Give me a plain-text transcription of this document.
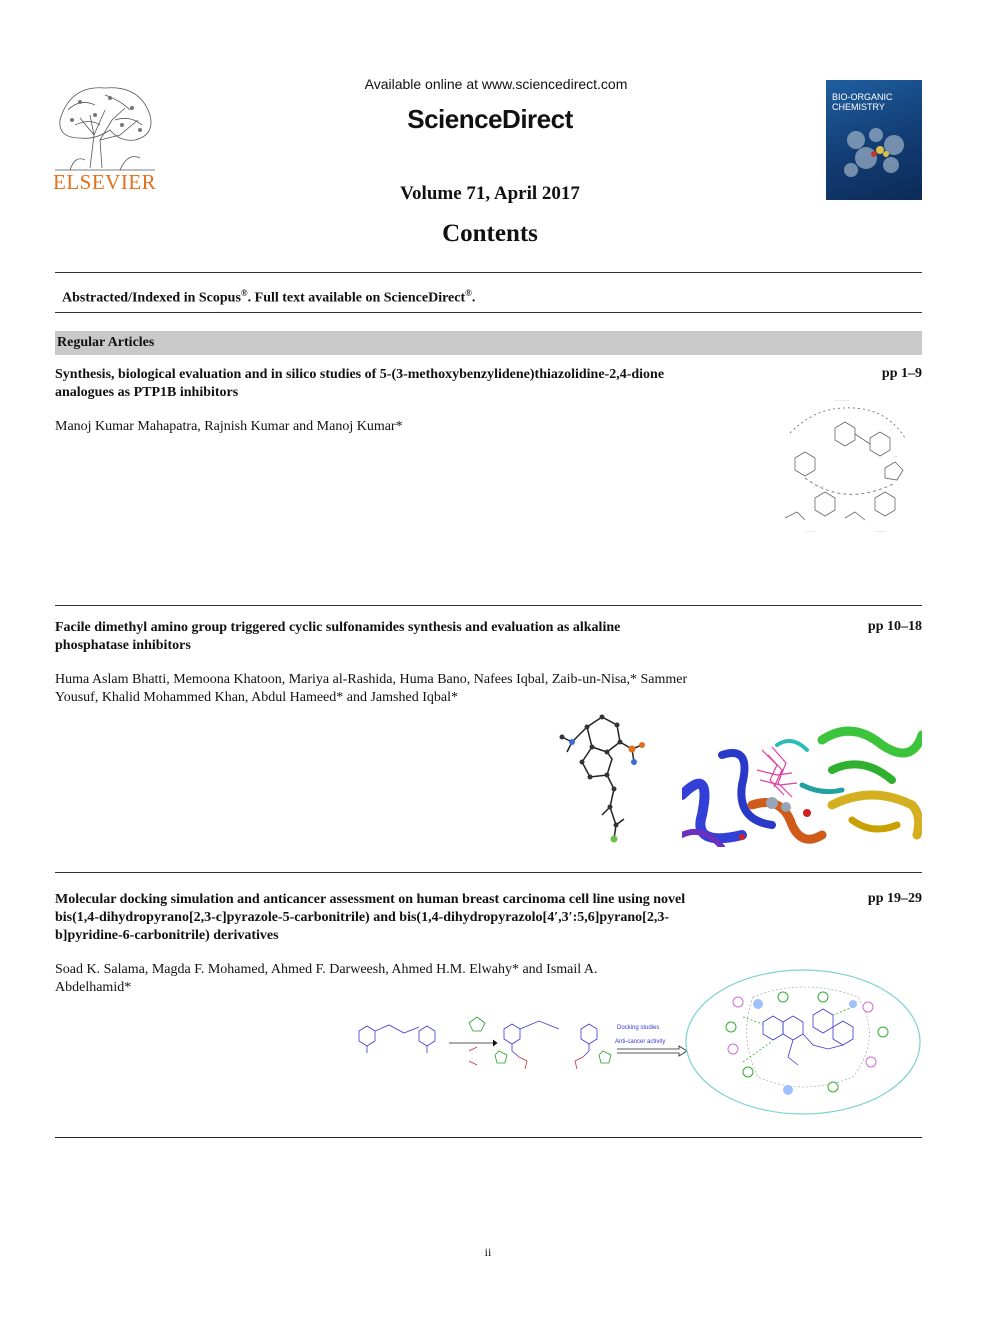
ELSEVIER
Available online at www.sciencedirect.com
ScienceDirect
Volume 71, April 2017
Contents
BIO-ORGANIC
CHEMISTRY
Abstracted/Indexed in Scopus®. Full text available on ScienceDirect®.
Regular Articles
Synthesis, biological evaluation and in silico studies of 5-(3-methoxybenzylidene)thiazolidine-2,4-dione analogues as PTP1B inhibitors
pp 1–9
Manoj Kumar Mahapatra, Rajnish Kumar and Manoj Kumar*
··· ··· ···
···
··· ···
··· ···	··· ···
Facile dimethyl amino group triggered cyclic sulfonamides synthesis and evaluation as alkaline phosphatase inhibitors
pp 10–18
Huma Aslam Bhatti, Memoona Khatoon, Mariya al-Rashida, Huma Bano, Nafees Iqbal, Zaib-un-Nisa,* Sammer Yousuf, Khalid Mohammed Khan, Abdul Hameed* and Jamshed Iqbal*
Molecular docking simulation and anticancer assessment on human breast carcinoma cell line using novel bis(1,4-dihydropyrano[2,3-c]pyrazole-5-carbonitrile) and bis(1,4-dihydropyrazolo[4′,3′:5,6]pyrano[2,3-b]pyridine-6-carbonitrile) derivatives
pp 19–29
Soad K. Salama, Magda F. Mohamed, Ahmed F. Darweesh, Ahmed H.M. Elwahy* and Ismail A. Abdelhamid*
Docking studies
Anti-cancer activity
ii
